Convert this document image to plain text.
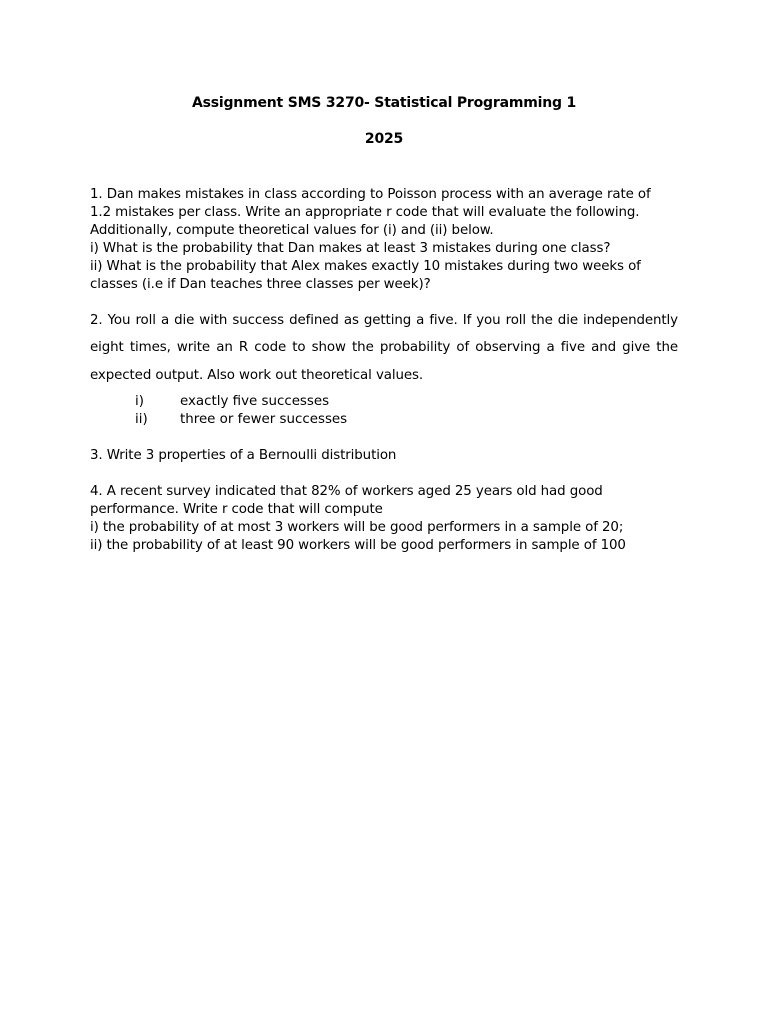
Assignment SMS 3270- Statistical Programming 1
2025
1. Dan makes mistakes in class according to Poisson process with an average rate of
1.2 mistakes per class. Write an appropriate r code that will evaluate the following.
Additionally, compute theoretical values for (i) and (ii) below.
i) What is the probability that Dan makes at least 3 mistakes during one class?
ii) What is the probability that Alex makes exactly 10 mistakes during two weeks of
classes (i.e if Dan teaches three classes per week)?
2. You roll a die with success defined as getting a five. If you roll the die independently
eight times, write an R code to show the probability of observing a five and give the
expected output. Also work out theoretical values.
i)	exactly five successes
ii) three or fewer successes
3. Write 3 properties of a Bernoulli distribution
4. A recent survey indicated that 82% of workers aged 25 years old had good
performance. Write r code that will compute
i) the probability of at most 3 workers will be good performers in a sample of 20;
ii) the probability of at least 90 workers will be good performers in sample of 100
